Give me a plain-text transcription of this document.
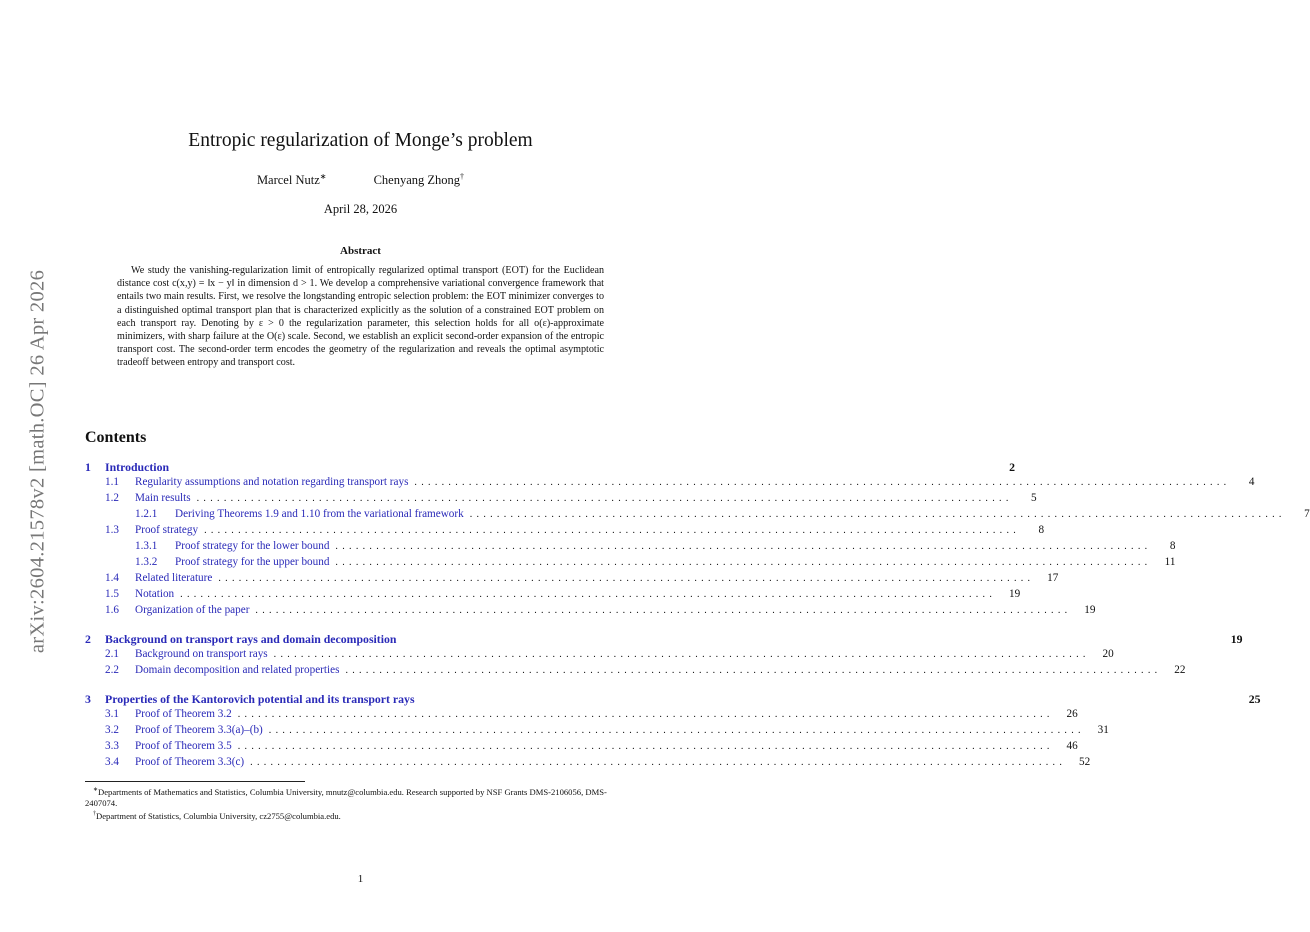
arXiv:2604.21578v2 [math.OC] 26 Apr 2026
Entropic regularization of Monge’s problem
Marcel Nutz∗	Chenyang Zhong†
April 28, 2026
Abstract

We study the vanishing-regularization limit of entropically regularized optimal transport (EOT) for the Euclidean distance cost c(x,y) = ‖x − y‖ in dimension d > 1. We develop a comprehensive variational convergence framework that entails two main results. First, we resolve the longstanding entropic selection problem: the EOT minimizer converges to a distinguished optimal transport plan that is characterized explicitly as the solution of a constrained EOT problem on each transport ray. Denoting by ε > 0 the regularization parameter, this selection holds for all o(ε)-approximate minimizers, with sharp failure at the O(ε) scale. Second, we establish an explicit second-order expansion of the entropic transport cost. The second-order term encodes the geometry of the regularization and reveals the optimal asymptotic tradeoff between entropy and transport cost.

Contents
1	Introduction	2
1.1	Regularity assumptions and notation regarding transport rays ........................................................................................................................	4
1.2	Main results ........................................................................................................................	5
1.2.1	Deriving Theorems 1.9 and 1.10 from the variational framework ........................................................................................................................	7
1.3	Proof strategy ........................................................................................................................	8
1.3.1	Proof strategy for the lower bound ........................................................................................................................	8
1.3.2	Proof strategy for the upper bound ........................................................................................................................	11
1.4	Related literature ........................................................................................................................	17
1.5	Notation ........................................................................................................................	19
1.6	Organization of the paper ........................................................................................................................	19
2	Background on transport rays and domain decomposition	19
2.1	Background on transport rays ........................................................................................................................	20
2.2	Domain decomposition and related properties ........................................................................................................................	22
3	Properties of the Kantorovich potential and its transport rays	25
3.1	Proof of Theorem 3.2 ........................................................................................................................	26
3.2	Proof of Theorem 3.3(a)–(b) ........................................................................................................................	31
3.3	Proof of Theorem 3.5 ........................................................................................................................	46
3.4	Proof of Theorem 3.3(c) ........................................................................................................................	52

∗Departments of Mathematics and Statistics, Columbia University, mnutz@columbia.edu. Research supported by NSF Grants DMS-2106056, DMS-2407074.

†Department of Statistics, Columbia University, cz2755@columbia.edu.

1
